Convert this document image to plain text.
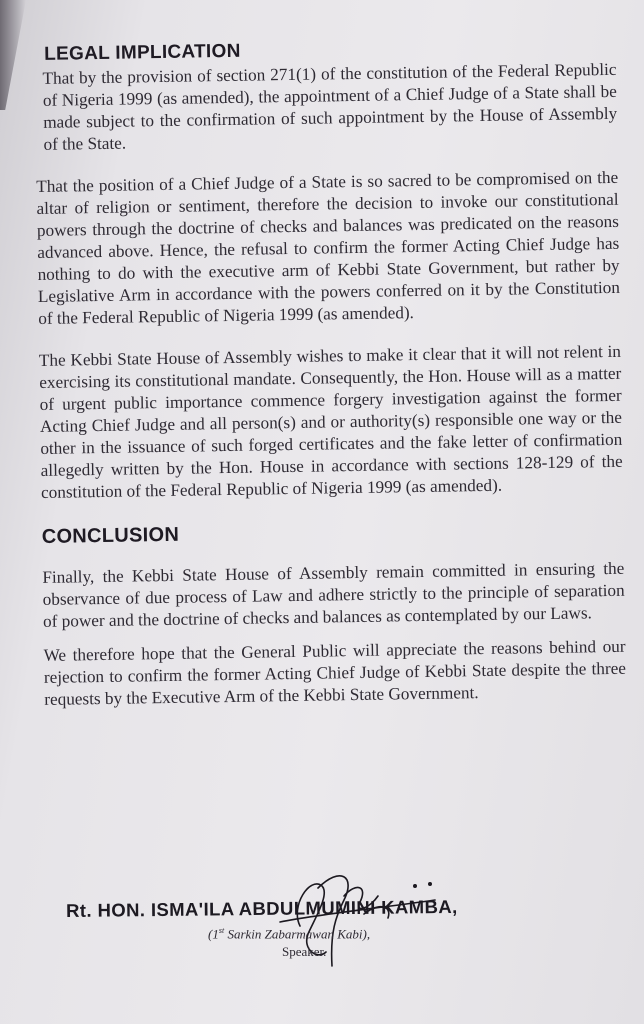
LEGAL IMPLICATION

That by the provision of section 271(1) of the constitution of the Federal Republic of Nigeria 1999 (as amended), the appointment of a Chief Judge of a State shall be made subject to the confirmation of such appointment by the House of Assembly of the State.

That the position of a Chief Judge of a State is so sacred to be compromised on the altar of religion or sentiment, therefore the decision to invoke our constitutional powers through the doctrine of checks and balances was predicated on the reasons advanced above. Hence, the refusal to confirm the former Acting Chief Judge has nothing to do with the executive arm of Kebbi State Government, but rather by Legislative Arm in accordance with the powers conferred on it by the Constitution of the Federal Republic of Nigeria 1999 (as amended).

The Kebbi State House of Assembly wishes to make it clear that it will not relent in exercising its constitutional mandate. Consequently, the Hon. House will as a matter of urgent public importance commence forgery investigation against the former Acting Chief Judge and all person(s) and or authority(s) responsible one way or the other in the issuance of such forged certificates and the fake letter of confirmation allegedly written by the Hon. House in accordance with sections 128-129 of the constitution of the Federal Republic of Nigeria 1999 (as amended).

CONCLUSION

Finally, the Kebbi State House of Assembly remain committed in ensuring the observance of due process of Law and adhere strictly to the principle of separation of power and the doctrine of checks and balances as contemplated by our Laws.

We therefore hope that the General Public will appreciate the reasons behind our rejection to confirm the former Acting Chief Judge of Kebbi State despite the three requests by the Executive Arm of the Kebbi State Government.

Rt. HON. ISMA'ILA ABDULMUMINI KAMBA,
(1st Sarkin Zabarmawan Kabi),
Speaker.
